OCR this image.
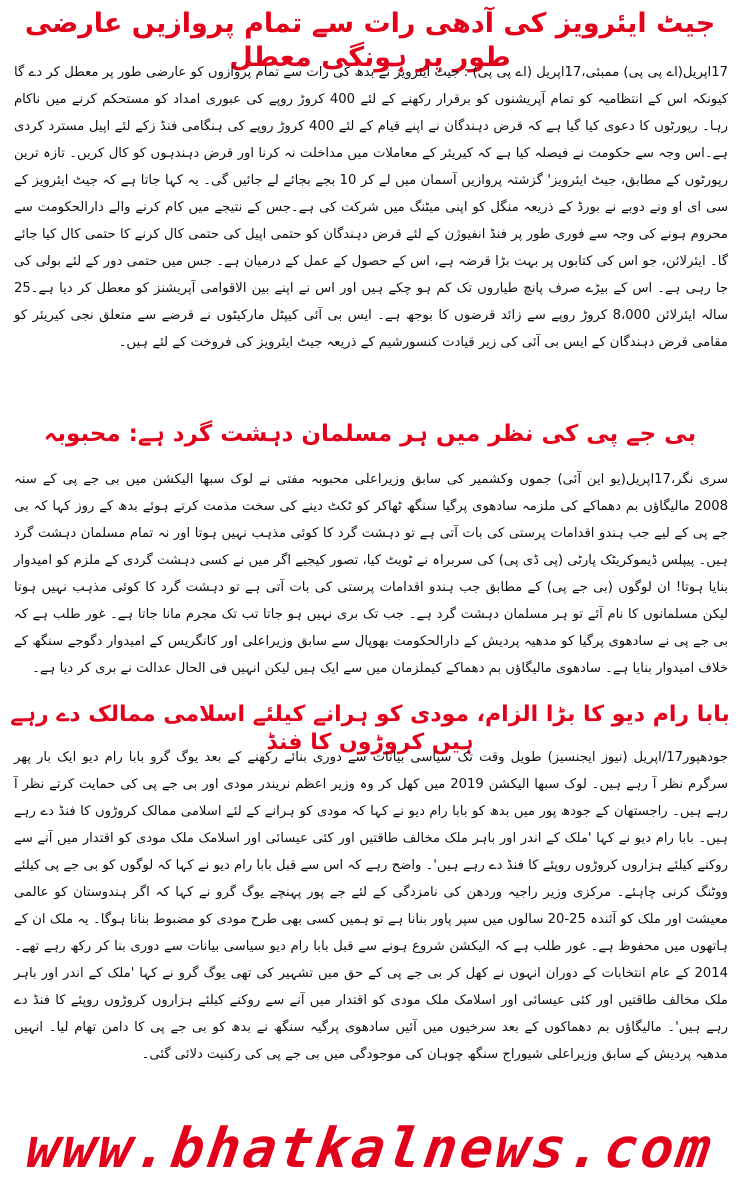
جیٹ ایئرویز کی آدھی رات سے تمام پروازیں عارضی طور پر ہونگی معطل

17اپریل(اے پی پی) ممبئی،17اپریل (اے پی پی) : جیٹ ایئرویز نے بدھ کی رات سے تمام پروازوں کو عارضی طور پر معطل کر دے گا کیونکہ اس کے انتظامیہ کو تمام آپریشنوں کو برقرار رکھنے کے لئے 400 کروڑ روپے کی عبوری امداد کو مستحکم کرنے میں ناکام رہا۔ رپورٹوں کا دعوی کیا گیا ہے کہ قرض دہندگان نے اپنے قیام کے لئے 400 کروڑ روپے کی ہنگامی فنڈ زکے لئے اپیل مسترد کردی ہے۔اس وجہ سے حکومت نے فیصلہ کیا ہے کہ کیریئر کے معاملات میں مداخلت نہ کرنا اور قرض دہندہوں کو کال کریں۔ تازہ ترین رپورٹوں کے مطابق، جیٹ ایئرویز' گزشتہ پروازیں آسمان میں لے کر 10 بجے بجائے لے جائیں گی۔ یہ کہا جاتا ہے کہ جیٹ ایئرویز کے سی ای او ونے دوبے نے بورڈ کے ذریعہ منگل کو اپنی میٹنگ میں شرکت کی ہے۔جس کے نتیجے میں کام کرنے والے دارالحکومت سے محروم ہونے کی وجہ سے فوری طور پر فنڈ انفیوژن کے لئے قرض دہندگان کو حتمی اپیل کی حتمی کال کرنے کا حتمی کال کیا جائے گا۔ ایئرلائن، جو اس کی کتابوں پر بہت بڑا قرضہ ہے، اس کے حصول کے عمل کے درمیان ہے۔ جس میں حتمی دور کے لئے بولی کی جا رہی ہے۔ اس کے بیڑے صرف پانچ طیاروں تک کم ہو چکے ہیں اور اس نے اپنے بین الاقوامی آپریشنز کو معطل کر دیا ہے۔25 سالہ ایئرلائن 8،000 کروڑ روپے سے زائد قرضوں کا بوجھ ہے۔ ایس بی آئی کیپٹل مارکیٹوں نے قرضے سے متعلق نجی کیریئر کو مقامی قرض دہندگان کے ایس بی آئی کی زیر قیادت کنسورشیم کے ذریعہ جیٹ ایئرویز کی فروخت کے لئے ہیں۔

بی جے پی کی نظر میں ہر مسلمان دہشت گرد ہے: محبوبہ

سری نگر،17اپریل(یو این آئی) جموں وکشمیر کی سابق وزیراعلی محبوبہ مفتی نے لوک سبھا الیکشن میں بی جے پی کے سنہ 2008 مالیگاؤں بم دھماکے کی ملزمہ سادھوی پرگیا سنگھ ٹھاکر کو ٹکٹ دینے کی سخت مذمت کرتے ہوئے بدھ کے روز کہا کہ بی جے پی کے لیے جب ہندو اقدامات پرستی کی بات آتی ہے تو دہشت گرد کا کوئی مذہب نہیں ہوتا اور نہ تمام مسلمان دہشت گرد ہیں۔ پیپلس ڈیموکریٹک پارٹی (پی ڈی پی) کی سربراہ نے ٹویٹ کیا، تصور کیجیے اگر میں نے کسی دہشت گردی کے ملزم کو امیدوار بنایا ہوتا! ان لوگوں (بی جے پی) کے مطابق جب ہندو اقدامات پرستی کی بات آتی ہے تو دہشت گرد کا کوئی مذہب نہیں ہوتا لیکن مسلمانوں کا نام آئے تو ہر مسلمان دہشت گرد ہے۔ جب تک بری نہیں ہو جاتا تب تک مجرم مانا جاتا ہے۔ غور طلب ہے کہ بی جے پی نے سادھوی پرگیا کو مدھیہ پردیش کے دارالحکومت بھوپال سے سابق وزیراعلی اور کانگریس کے امیدوار دگوجے سنگھ کے خلاف امیدوار بنایا ہے۔ سادھوی مالیگاؤں بم دھماکے کیملزمان میں سے ایک ہیں لیکن انہیں فی الحال عدالت نے بری کر دیا ہے۔

بابا رام دیو کا بڑا الزام، مودی کو ہرانے کیلئے اسلامی ممالک دے رہے ہیں کروڑوں کا فنڈ

جودھپور17/اپریل (نیوز ایجنسیز) طویل وقت تک سیاسی بیانات سے دوری بنائے رکھنے کے بعد یوگ گرو بابا رام دیو ایک بار پھر سرگرم نظر آ رہے ہیں۔ لوک سبھا الیکشن 2019 میں کھل کر وہ وزیر اعظم نریندر مودی اور بی جے پی کی حمایت کرتے نظر آ رہے ہیں۔ راجستھان کے جودھ پور میں بدھ کو بابا رام دیو نے کہا کہ مودی کو ہرانے کے لئے اسلامی ممالک کروڑوں کا فنڈ دے رہے ہیں۔ بابا رام دیو نے کہا 'ملک کے اندر اور باہر ملک مخالف طاقتیں اور کئی عیسائی اور اسلامک ملک مودی کو اقتدار میں آنے سے روکنے کیلئے ہزاروں کروڑوں روپئے کا فنڈ دے رہے ہیں'۔ واضح رہے کہ اس سے قبل بابا رام دیو نے کہا کہ لوگوں کو بی جے پی کیلئے ووٹنگ کرنی چاہئے۔ مرکزی وزیر راجیہ وردھن کی نامزدگی کے لئے جے پور پہنچے یوگ گرو نے کہا کہ اگر ہندوستان کو عالمی معیشت اور ملک کو آئندہ 25-20 سالوں میں سپر پاور بنانا ہے تو ہمیں کسی بھی طرح مودی کو مضبوط بنانا ہوگا۔ یہ ملک ان کے ہاتھوں میں محفوظ ہے۔ غور طلب ہے کہ الیکشن شروع ہونے سے قبل بابا رام دیو سیاسی بیانات سے دوری بنا کر رکھ رہے تھے۔ 2014 کے عام انتخابات کے دوران انہوں نے کھل کر بی جے پی کے حق میں تشہیر کی تھی یوگ گرو نے کہا 'ملک کے اندر اور باہر ملک مخالف طاقتیں اور کئی عیسائی اور اسلامک ملک مودی کو اقتدار میں آنے سے روکنے کیلئے ہزاروں کروڑوں روپئے کا فنڈ دے رہے ہیں'۔ مالیگاؤں بم دھماکوں کے بعد سرخیوں میں آئیں سادھوی پرگیہ سنگھ نے بدھ کو بی جے پی کا دامن تھام لیا۔ انہیں مدھیہ پردیش کے سابق وزیراعلی شیوراج سنگھ چوہان کی موجودگی میں بی جے پی کی رکنیت دلائی گئی۔

www.bhatkalnews.com
